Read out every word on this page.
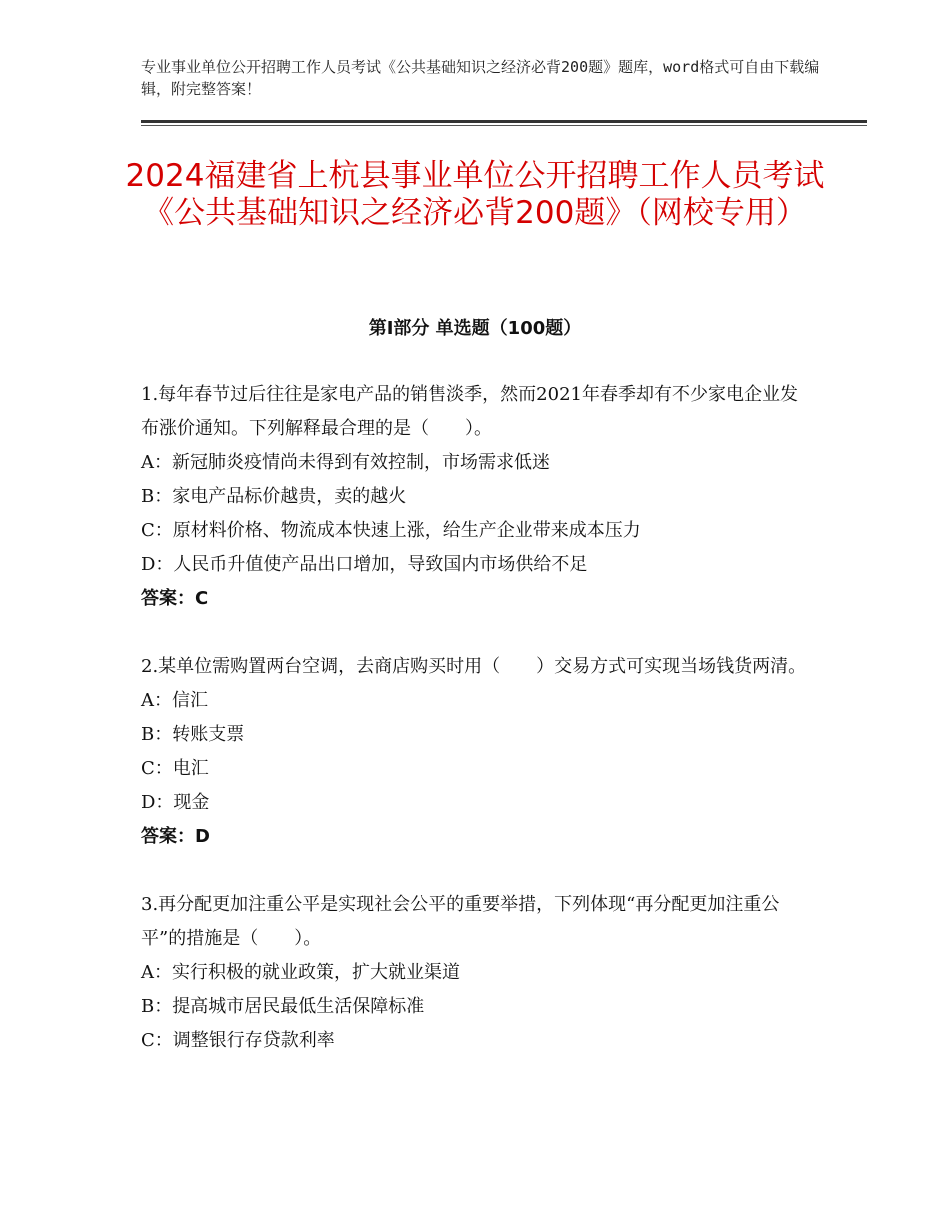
专业事业单位公开招聘工作人员考试《公共基础知识之经济必背200题》题库，word格式可自由下载编辑，附完整答案！
2024福建省上杭县事业单位公开招聘工作人员考试《公共基础知识之经济必背200题》（网校专用）
第Ⅰ部分 单选题（100题）

1.每年春节过后往往是家电产品的销售淡季，然而2021年春季却有不少家电企业发布涨价通知。下列解释最合理的是（　　）。

A：新冠肺炎疫情尚未得到有效控制，市场需求低迷

B：家电产品标价越贵，卖的越火

C：原材料价格、物流成本快速上涨，给生产企业带来成本压力

D：人民币升值使产品出口增加，导致国内市场供给不足

答案：C

2.某单位需购置两台空调，去商店购买时用（　　）交易方式可实现当场钱货两清。

A：信汇

B：转账支票

C：电汇

D：现金

答案：D

3.再分配更加注重公平是实现社会公平的重要举措，下列体现“再分配更加注重公平”的措施是（　　）。

A：实行积极的就业政策，扩大就业渠道

B：提高城市居民最低生活保障标准

C：调整银行存贷款利率
